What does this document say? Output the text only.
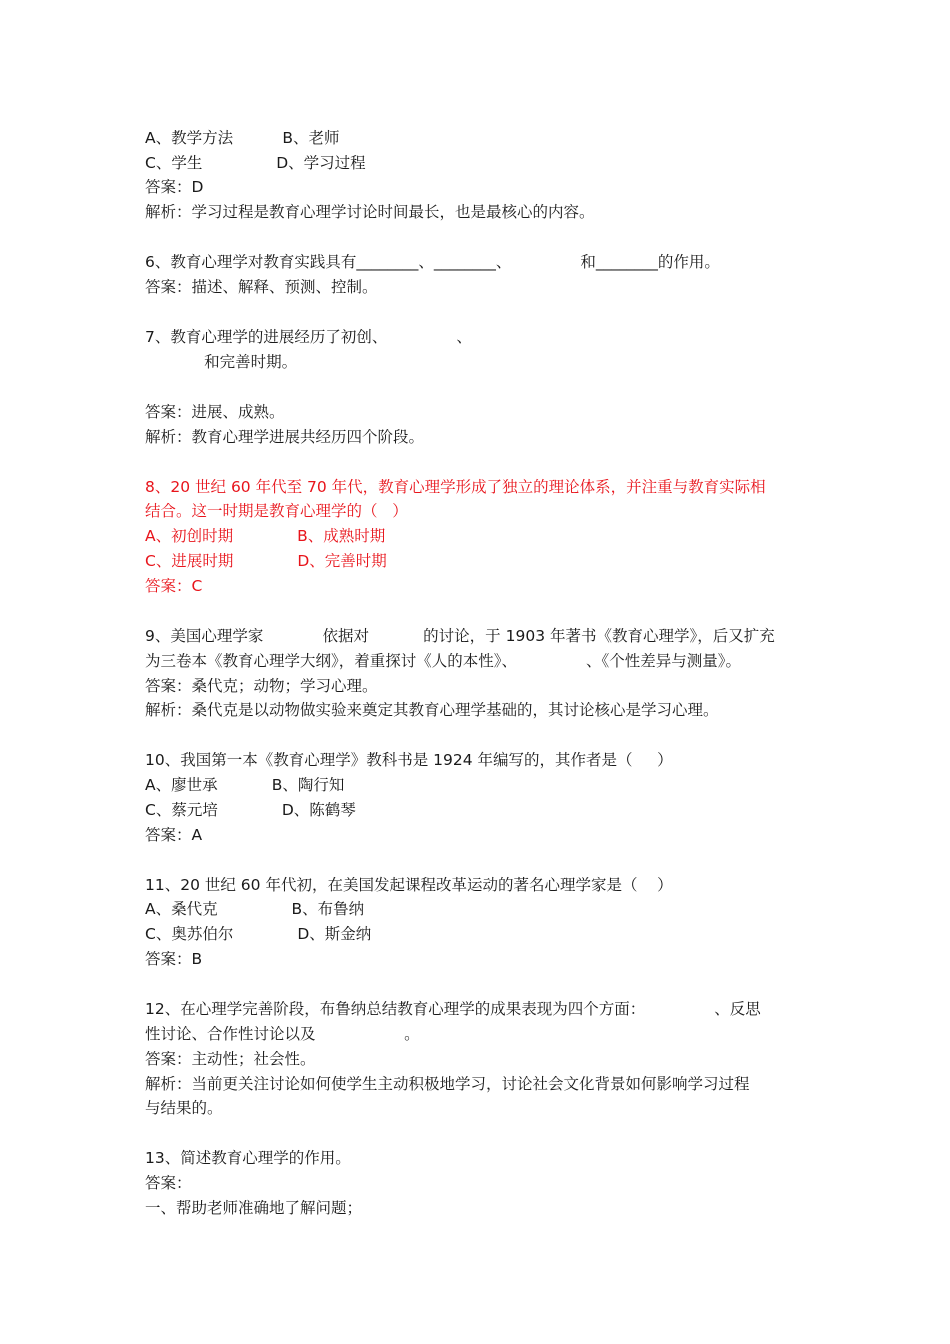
A、教学方法          B、老师

C、学生               D、学习过程

答案：D

解析：学习过程是教育心理学讨论时间最长，也是最核心的内容。

6、教育心理学对教育实践具有________、________、              和________的作用。

答案：描述、解释、预测、控制。

7、教育心理学的进展经历了初创、              、

和完善时期。

答案：进展、成熟。

解析：教育心理学进展共经历四个阶段。

8、20 世纪 60 年代至 70 年代，教育心理学形成了独立的理论体系，并注重与教育实际相

结合。这一时期是教育心理学的（   ）

A、初创时期             B、成熟时期

C、进展时期             D、完善时期

答案：C

9、美国心理学家            依据对           的讨论，于 1903 年著书《教育心理学》，后又扩充

为三卷本《教育心理学大纲》，着重探讨《人的本性》、              、《个性差异与测量》。

答案：桑代克；动物；学习心理。

解析：桑代克是以动物做实验来奠定其教育心理学基础的，其讨论核心是学习心理。

10、我国第一本《教育心理学》教科书是 1924 年编写的，其作者是（     ）

A、廖世承           B、陶行知

C、蔡元培             D、陈鹤琴

答案：A

11、20 世纪 60 年代初，在美国发起课程改革运动的著名心理学家是（    ）

A、桑代克               B、布鲁纳

C、奥苏伯尔             D、斯金纳

答案：B

12、在心理学完善阶段，布鲁纳总结教育心理学的成果表现为四个方面：              、反思

性讨论、合作性讨论以及                  。

答案：主动性；社会性。

解析：当前更关注讨论如何使学生主动积极地学习，讨论社会文化背景如何影响学习过程

与结果的。

13、简述教育心理学的作用。

答案：

一、帮助老师准确地了解问题；
